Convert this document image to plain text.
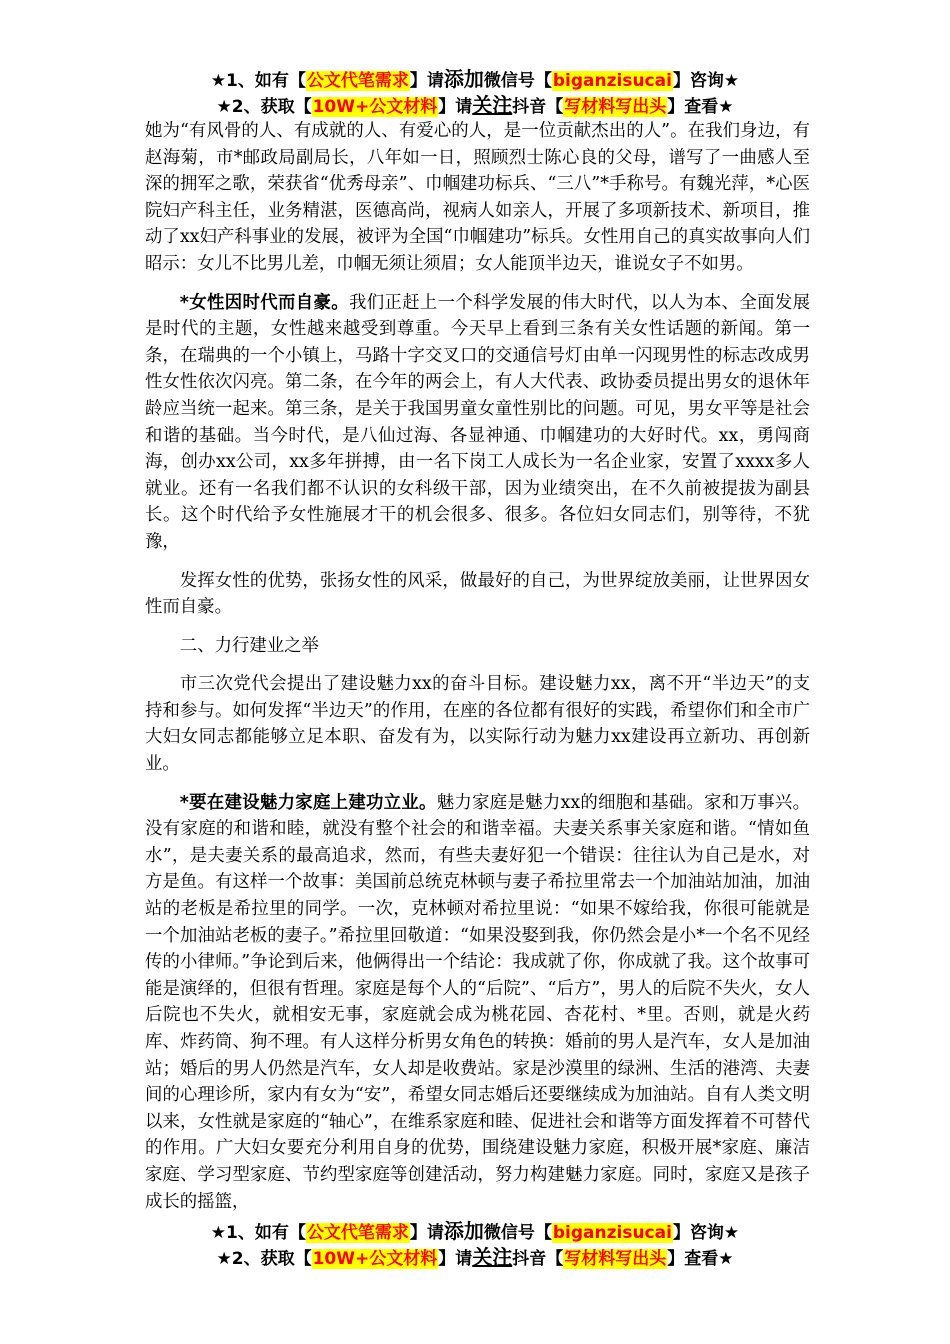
★1、如有【公文代笔需求】请添加微信号【biganzisucai】咨询★
★2、获取【10W+公文材料】请关注抖音【写材料写出头】查看★

她为“有风骨的人、有成就的人、有爱心的人，是一位贡献杰出的人”。在我们身边，有赵海菊，市*邮政局副局长，八年如一日，照顾烈士陈心良的父母，谱写了一曲感人至深的拥军之歌，荣获省“优秀母亲”、巾帼建功标兵、“三八”*手称号。有魏光萍，*心医院妇产科主任，业务精湛，医德高尚，视病人如亲人，开展了多项新技术、新项目，推动了xx妇产科事业的发展，被评为全国“巾帼建功”标兵。女性用自己的真实故事向人们昭示：女儿不比男儿差，巾帼无须让须眉；女人能顶半边天，谁说女子不如男。

*女性因时代而自豪。我们正赶上一个科学发展的伟大时代，以人为本、全面发展是时代的主题，女性越来越受到尊重。今天早上看到三条有关女性话题的新闻。第一条，在瑞典的一个小镇上，马路十字交叉口的交通信号灯由单一闪现男性的标志改成男性女性依次闪亮。第二条，在今年的两会上，有人大代表、政协委员提出男女的退休年龄应当统一起来。第三条，是关于我国男童女童性别比的问题。可见，男女平等是社会和谐的基础。当今时代，是八仙过海、各显神通、巾帼建功的大好时代。xx，勇闯商海，创办xx公司，xx多年拼搏，由一名下岗工人成长为一名企业家，安置了xxxx多人就业。还有一名我们都不认识的女科级干部，因为业绩突出，在不久前被提拔为副县长。这个时代给予女性施展才干的机会很多、很多。各位妇女同志们，别等待，不犹豫，

发挥女性的优势，张扬女性的风采，做最好的自己，为世界绽放美丽，让世界因女性而自豪。

二、力行建业之举

市三次党代会提出了建设魅力xx的奋斗目标。建设魅力xx，离不开“半边天”的支持和参与。如何发挥“半边天”的作用，在座的各位都有很好的实践，希望你们和全市广大妇女同志都能够立足本职、奋发有为，以实际行动为魅力xx建设再立新功、再创新业。

*要在建设魅力家庭上建功立业。魅力家庭是魅力xx的细胞和基础。家和万事兴。没有家庭的和谐和睦，就没有整个社会的和谐幸福。夫妻关系事关家庭和谐。“情如鱼水”，是夫妻关系的最高追求，然而，有些夫妻好犯一个错误：往往认为自己是水，对方是鱼。有这样一个故事：美国前总统克林顿与妻子希拉里常去一个加油站加油，加油站的老板是希拉里的同学。一次，克林顿对希拉里说：“如果不嫁给我，你很可能就是一个加油站老板的妻子。”希拉里回敬道：“如果没娶到我，你仍然会是小*一个名不见经传的小律师。”争论到后来，他俩得出一个结论：我成就了你，你成就了我。这个故事可能是演绎的，但很有哲理。家庭是每个人的“后院”、“后方”，男人的后院不失火，女人后院也不失火，就相安无事，家庭就会成为桃花园、杏花村、*里。否则，就是火药库、炸药筒、狗不理。有人这样分析男女角色的转换：婚前的男人是汽车，女人是加油站；婚后的男人仍然是汽车，女人却是收费站。家是沙漠里的绿洲、生活的港湾、夫妻间的心理诊所，家内有女为“安”，希望女同志婚后还要继续成为加油站。自有人类文明以来，女性就是家庭的“轴心”，在维系家庭和睦、促进社会和谐等方面发挥着不可替代的作用。广大妇女要充分利用自身的优势，围绕建设魅力家庭，积极开展*家庭、廉洁家庭、学习型家庭、节约型家庭等创建活动，努力构建魅力家庭。同时，家庭又是孩子成长的摇篮，

★1、如有【公文代笔需求】请添加微信号【biganzisucai】咨询★
★2、获取【10W+公文材料】请关注抖音【写材料写出头】查看★
